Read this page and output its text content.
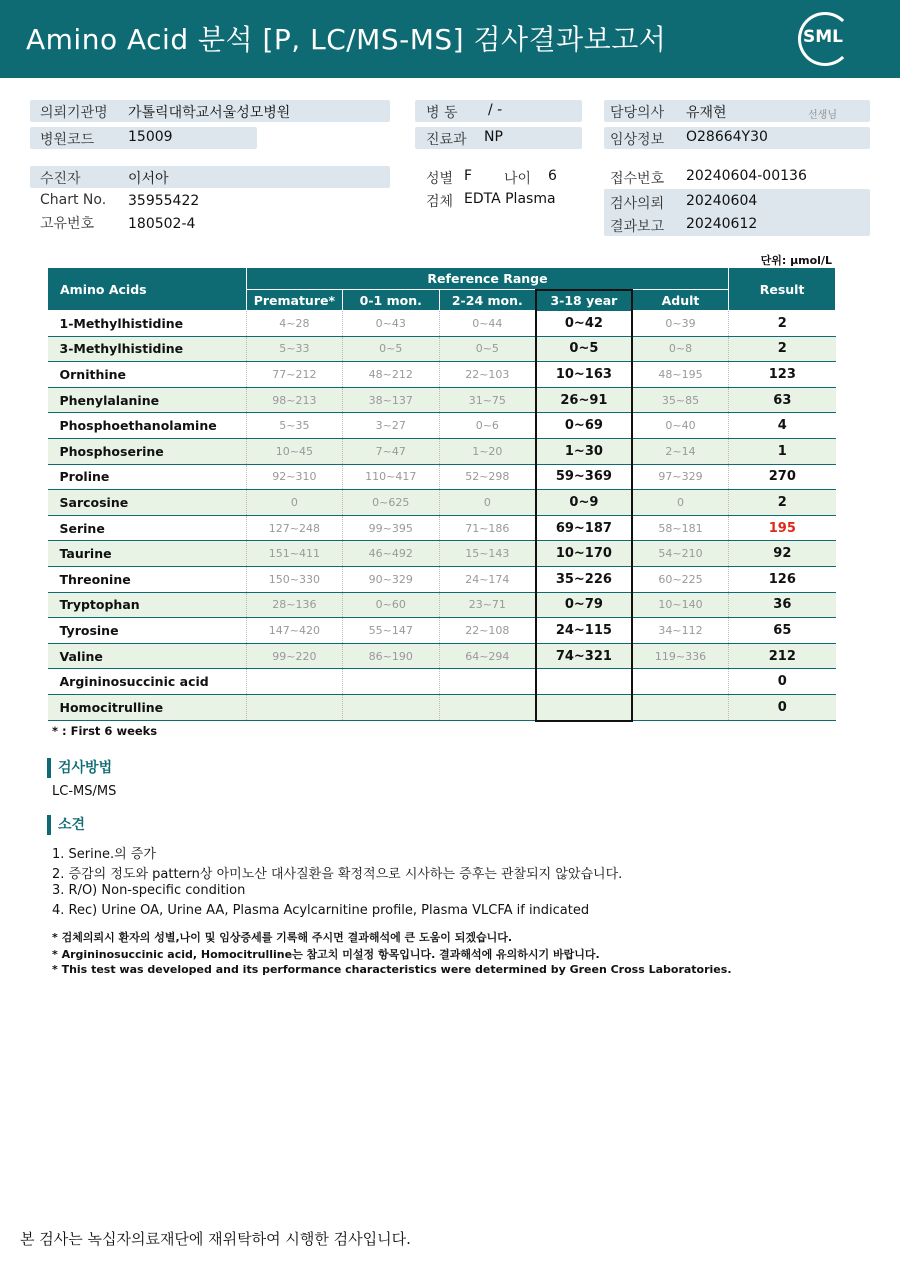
Amino Acid 분석 [P, LC/MS-MS] 검사결과보고서	SML
의뢰기관명 가톨릭대학교서울성모병원
병원코드 15009
병 동 / -
진료과 NP
담당의사 유재현	선생님
임상정보 O28664Y30
수진자	이서아
Chart No. 35955422
고유번호 180502-4
성별 F 나이 6
검체 EDTA Plasma
접수번호 20240604-00136
검사의뢰 20240604
결과보고 20240612
단위: μmol/L
Amino Acids	Reference Range					Result
	Premature*	0-1 mon.	2-24 mon.	3-18 year	Adult	
1-Methylhistidine	4~28	0~43	0~44	0~42	0~39	2
3-Methylhistidine	5~33	0~5	0~5	0~5	0~8	2
Ornithine	77~212	48~212	22~103	10~163	48~195	123
Phenylalanine	98~213	38~137	31~75	26~91	35~85	63
Phosphoethanolamine	5~35	3~27	0~6	0~69	0~40	4
Phosphoserine	10~45	7~47	1~20	1~30	2~14	1
Proline	92~310	110~417	52~298	59~369	97~329	270
Sarcosine	0	0~625	0	0~9	0	2
Serine	127~248	99~395	71~186	69~187	58~181	195
Taurine	151~411	46~492	15~143	10~170	54~210	92
Threonine	150~330	90~329	24~174	35~226	60~225	126
Tryptophan	28~136	0~60	23~71	0~79	10~140	36
Tyrosine	147~420	55~147	22~108	24~115	34~112	65
Valine	99~220	86~190	64~294	74~321	119~336	212
Argininosuccinic acid						0
Homocitrulline						0
* : First 6 weeks
검사방법
LC-MS/MS
소견
1. Serine.의 증가
2. 증감의 정도와 pattern상 아미노산 대사질환을 확정적으로 시사하는 증후는 관찰되지 않았습니다.
3. R/O) Non-specific condition
4. Rec) Urine OA, Urine AA, Plasma Acylcarnitine profile, Plasma VLCFA if indicated
* 검체의뢰시 환자의 성별,나이 및 임상증세를 기록해 주시면 결과해석에 큰 도움이 되겠습니다.
* Argininosuccinic acid, Homocitrulline는 참고치 미설정 항목입니다. 결과해석에 유의하시기 바랍니다.
* This test was developed and its performance characteristics were determined by Green Cross Laboratories.
본 검사는 녹십자의료재단에 재위탁하여 시행한 검사입니다.
